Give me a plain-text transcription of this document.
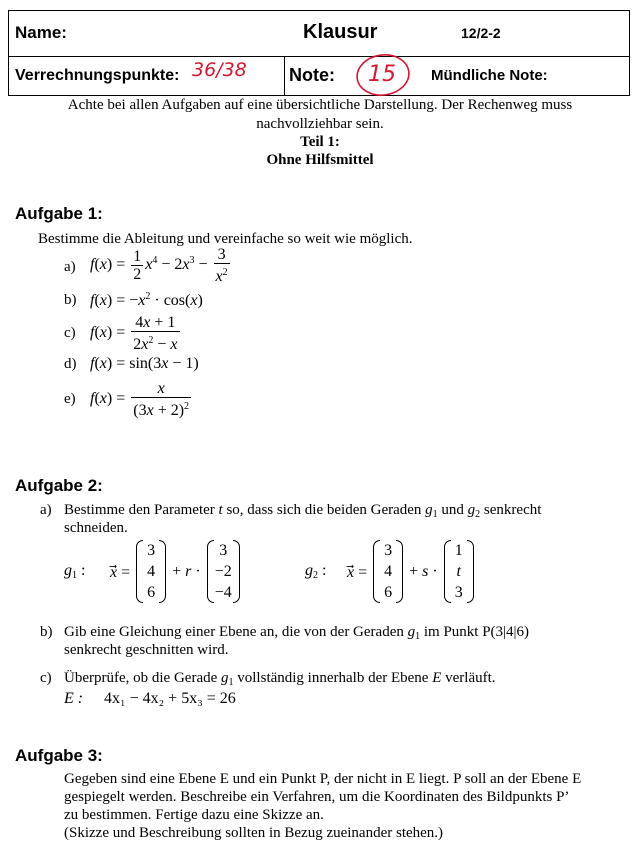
Name:	Klausur	12/2-2
Verrechnungspunkte: 36/38 Note: 15 Mündliche Note:
Achte bei allen Aufgaben auf eine übersichtliche Darstellung. Der Rechenweg muss
nachvollziehbar sein.
Teil 1:
Ohne Hilfsmittel
Aufgabe 1:
Bestimme die Ableitung und vereinfache so weit wie möglich.
a) $f(x) = \frac{1}{2} x^4 - 2x^3 - \frac{3}{x^2}$
b) $f(x) = -x^2 \cdot \cos(x)$
c) $f(x) = \frac{4x + 1}{2x^2 - x}$
d) f(x) = sin(3x − 1)
e) $f(x) = \frac{x}{(3x + 2)^2}$
Aufgabe 2:
a) Bestimme den Parameter t so, dass sich die beiden Geraden $g_1$ und $g_2$ senkrecht
schneiden.
$g_1$ :	x⃗ =
3
4
6
+ r ·
3
−2
−4
$g_2$ :	x⃗ =
3
4
6
+ s ·
1
t
3
b) Gib eine Gleichung einer Ebene an, die von der Geraden $g_1$ im Punkt P(3|4|6)
senkrecht geschnitten wird.
c) Überprüfe, ob die Gerade $g_1$ vollständig innerhalb der Ebene E verläuft.
E : 4x₁ − 4x₂ + 5x₃ = 26
Aufgabe 3:
Gegeben sind eine Ebene E und ein Punkt P, der nicht in E liegt. P soll an der Ebene E
gespiegelt werden. Beschreibe ein Verfahren, um die Koordinaten des Bildpunkts P’
zu bestimmen. Fertige dazu eine Skizze an.
(Skizze und Beschreibung sollten in Bezug zueinander stehen.)
